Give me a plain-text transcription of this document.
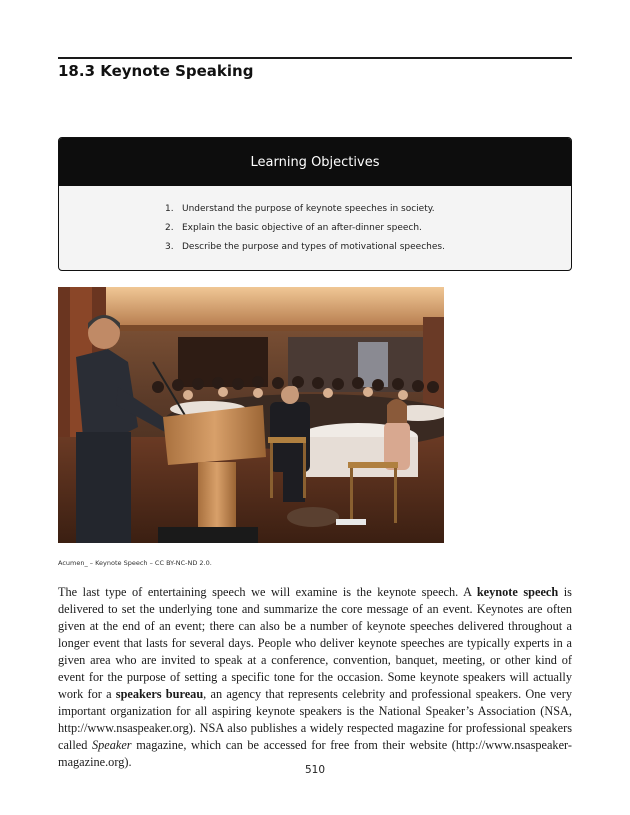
18.3 Keynote Speaking
Learning Objectives
1. Understand the purpose of keynote speeches in society.
2. Explain the basic objective of an after-dinner speech.
3. Describe the purpose and types of motivational speeches.
Acumen_ – Keynote Speech – CC BY-NC-ND 2.0.

The last type of entertaining speech we will examine is the keynote speech. A keynote speech is delivered to set the underlying tone and summarize the core message of an event. Keynotes are often given at the end of an event; there can also be a number of keynote speeches delivered throughout a longer event that lasts for several days. People who deliver keynote speeches are typically experts in a given area who are invited to speak at a conference, convention, banquet, meeting, or other kind of event for the purpose of setting a specific tone for the occasion. Some keynote speakers will actually work for a speakers bureau, an agency that represents celebrity and professional speakers. One very important organization for all aspiring keynote speakers is the National Speaker’s Association (NSA, http://www.nsaspeaker.org). NSA also publishes a widely respected magazine for professional speakers called Speaker magazine, which can be accessed for free from their website (http://www.nsaspeaker-magazine.org).

510
